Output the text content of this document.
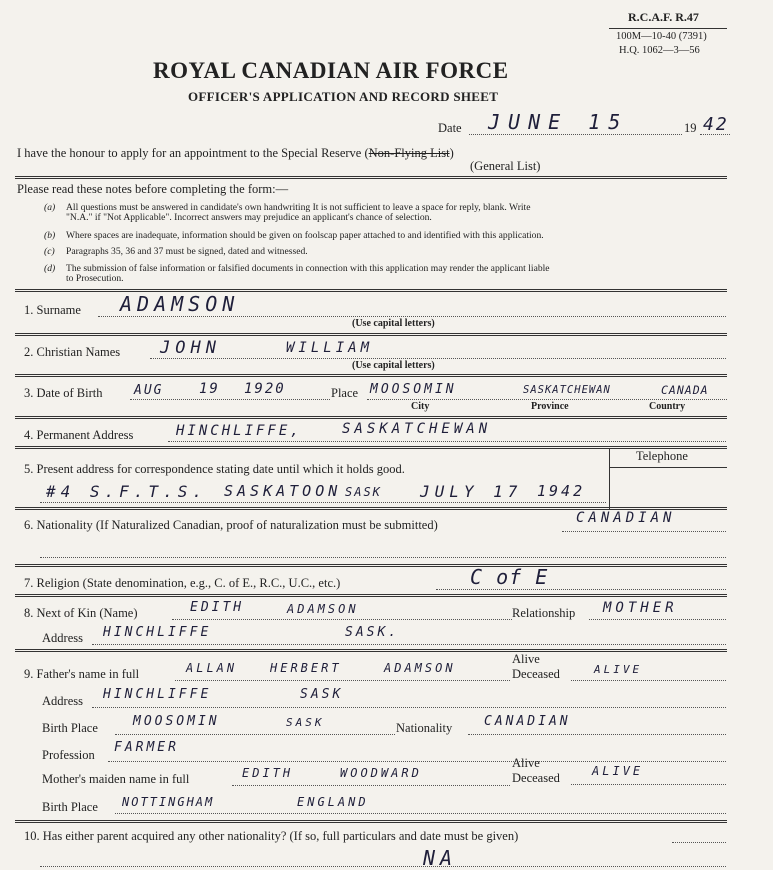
R.C.A.F. R.47
100M—10-40 (7391)
H.Q. 1062—3—56
ROYAL CANADIAN AIR FORCE
OFFICER'S APPLICATION AND RECORD SHEET
Date JUNE 15	19 42
I have the honour to apply for an appointment to the Special Reserve (Non-Flying List)
(General List)
Please read these notes before completing the form:—
(a) All questions must be answered in candidate's own handwriting It is not sufficient to leave a space for reply, blank. Write
"N.A." if "Not Applicable". Incorrect answers may prejudice an applicant's chance of selection.
(b) Where spaces are inadequate, information should be given on foolscap paper attached to and identified with this application.
(c) Paragraphs 35, 36 and 37 must be signed, dated and witnessed.
(d) The submission of false information or falsified documents in connection with this application may render the applicant liable
to Prosecution.
1. Surname ADAMSON
(Use capital letters)
2. Christian Names JOHN	WILLIAM
(Use capital letters)
3. Date of Birth AUG	19 1920	Place MOOSOMIN	SASKATCHEWAN	CANADA
City	Province	Country
4. Permanent Address	HINCHLIFFE,	SASKATCHEWAN
5. Present address for correspondence stating date until which it holds good.
Telephone
#4 S.F.T.S. SASKATOON SASK JULY 17 1942
6. Nationality (If Naturalized Canadian, proof of naturalization must be submitted)	CANADIAN
7. Religion (State denomination, e.g., C. of E., R.C., U.C., etc.)	C of E
8. Next of Kin (Name)	EDITH	ADAMSON	Relationship MOTHER
Address HINCHLIFFE	SASK.
9. Father's name in full	ALLAN	HERBERT	ADAMSON
Alive
Deceased	ALIVE
Address HINCHLIFFE	SASK
Birth Place	MOOSOMIN	SASK	Nationality CANADIAN
Profession FARMER
Mother's maiden name in full	EDITH	WOODWARD
Alive
Deceased	ALIVE
Birth Place NOTTINGHAM	ENGLAND
10. Has either parent acquired any other nationality? (If so, full particulars and date must be given)
NA
